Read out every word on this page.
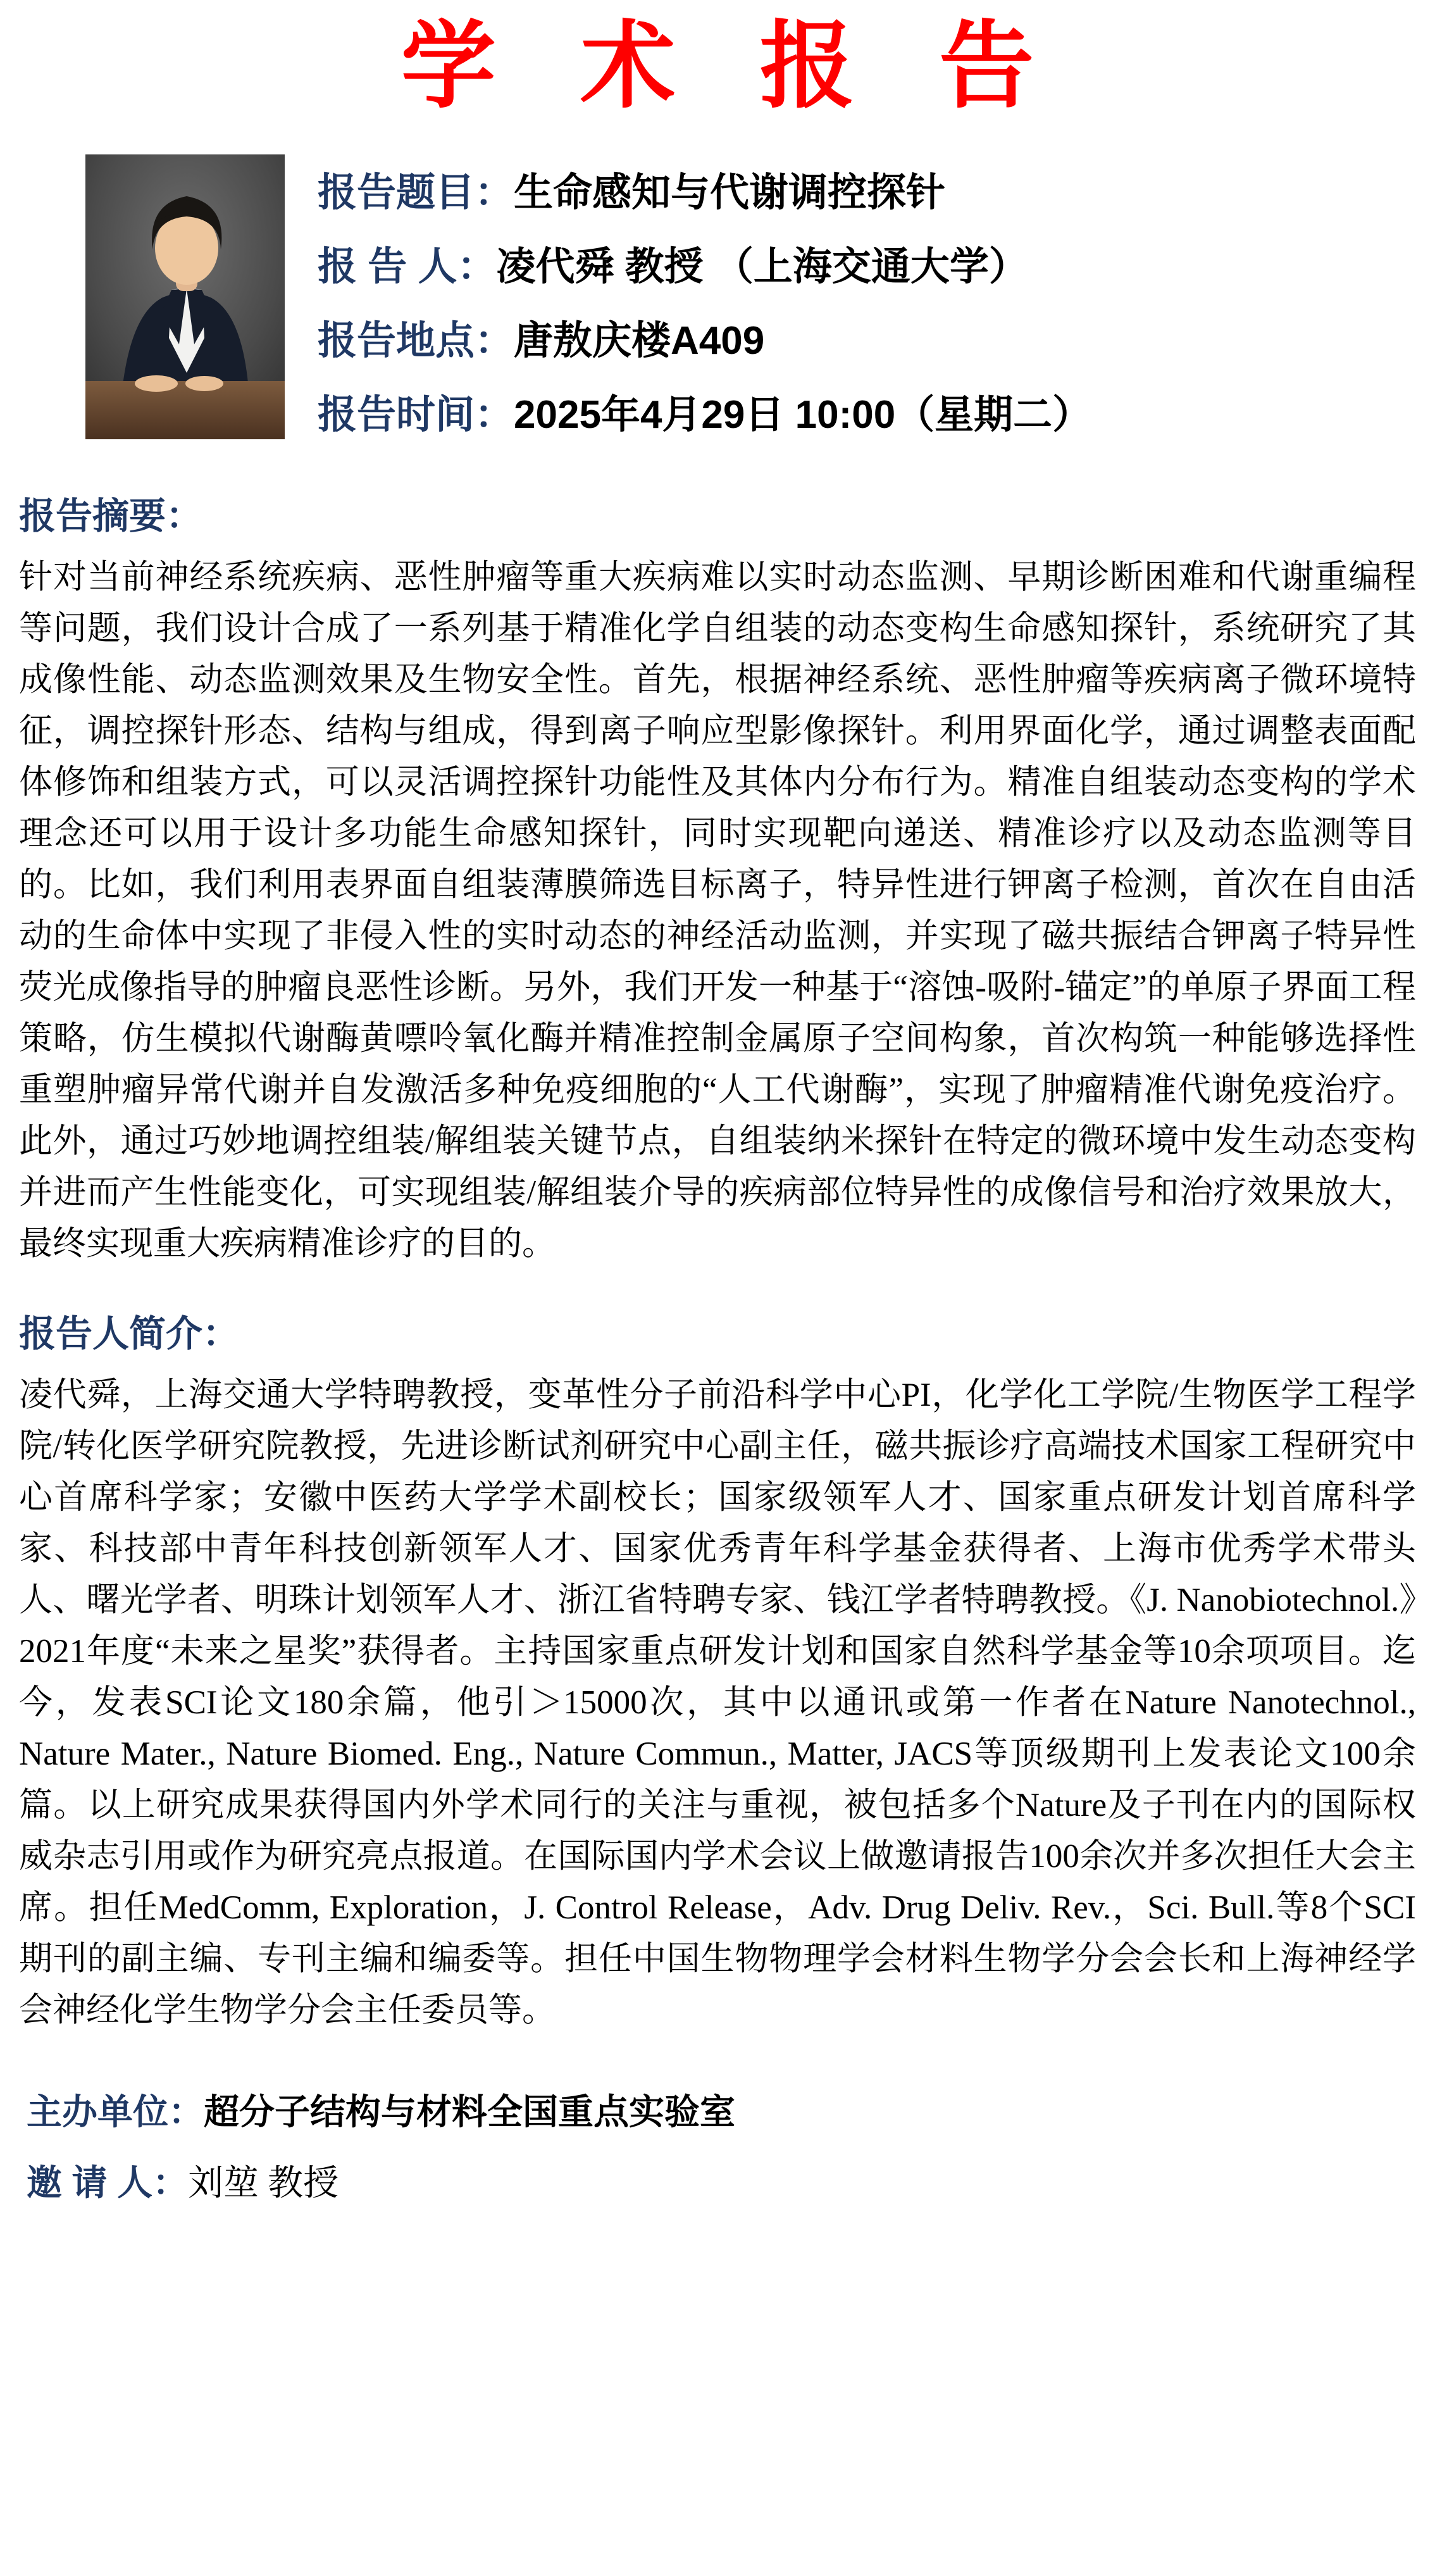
学 术 报 告
报告题目：生命感知与代谢调控探针
报 告 人：凌代舜 教授 （上海交通大学）
报告地点：唐敖庆楼A409
报告时间：2025年4月29日 10:00（星期二）
报告摘要：
针对当前神经系统疾病、恶性肿瘤等重大疾病难以实时动态监测、早期诊断困难和代谢重编程等问题，我们设计合成了一系列基于精准化学自组装的动态变构生命感知探针，系统研究了其成像性能、动态监测效果及生物安全性。首先，根据神经系统、恶性肿瘤等疾病离子微环境特征，调控探针形态、结构与组成，得到离子响应型影像探针。利用界面化学，通过调整表面配体修饰和组装方式，可以灵活调控探针功能性及其体内分布行为。精准自组装动态变构的学术理念还可以用于设计多功能生命感知探针，同时实现靶向递送、精准诊疗以及动态监测等目的。比如，我们利用表界面自组装薄膜筛选目标离子，特异性进行钾离子检测，首次在自由活动的生命体中实现了非侵入性的实时动态的神经活动监测，并实现了磁共振结合钾离子特异性荧光成像指导的肿瘤良恶性诊断。另外，我们开发一种基于“溶蚀-吸附-锚定”的单原子界面工程策略，仿生模拟代谢酶黄嘌呤氧化酶并精准控制金属原子空间构象，首次构筑一种能够选择性重塑肿瘤异常代谢并自发激活多种免疫细胞的“人工代谢酶”，实现了肿瘤精准代谢免疫治疗。此外，通过巧妙地调控组装/解组装关键节点，自组装纳米探针在特定的微环境中发生动态变构并进而产生性能变化，可实现组装/解组装介导的疾病部位特异性的成像信号和治疗效果放大，最终实现重大疾病精准诊疗的目的。
报告人简介：
凌代舜，上海交通大学特聘教授，变革性分子前沿科学中心PI，化学化工学院/生物医学工程学院/转化医学研究院教授，先进诊断试剂研究中心副主任，磁共振诊疗高端技术国家工程研究中心首席科学家；安徽中医药大学学术副校长；国家级领军人才、国家重点研发计划首席科学家、科技部中青年科技创新领军人才、国家优秀青年科学基金获得者、上海市优秀学术带头人、曙光学者、明珠计划领军人才、浙江省特聘专家、钱江学者特聘教授。《J. Nanobiotechnol.》2021年度“未来之星奖”获得者。主持国家重点研发计划和国家自然科学基金等10余项项目。迄今，发表SCI论文180余篇，他引＞15000次，其中以通讯或第一作者在Nature Nanotechnol., Nature Mater., Nature Biomed. Eng., Nature Commun., Matter, JACS等顶级期刊上发表论文100余篇。以上研究成果获得国内外学术同行的关注与重视，被包括多个Nature及子刊在内的国际权威杂志引用或作为研究亮点报道。在国际国内学术会议上做邀请报告100余次并多次担任大会主席。担任MedComm, Exploration，J. Control Release，Adv. Drug Deliv. Rev.，Sci. Bull.等8个SCI期刊的副主编、专刊主编和编委等。担任中国生物物理学会材料生物学分会会长和上海神经学会神经化学生物学分会主任委员等。
主办单位：超分子结构与材料全国重点实验室
邀 请 人：刘堃 教授
